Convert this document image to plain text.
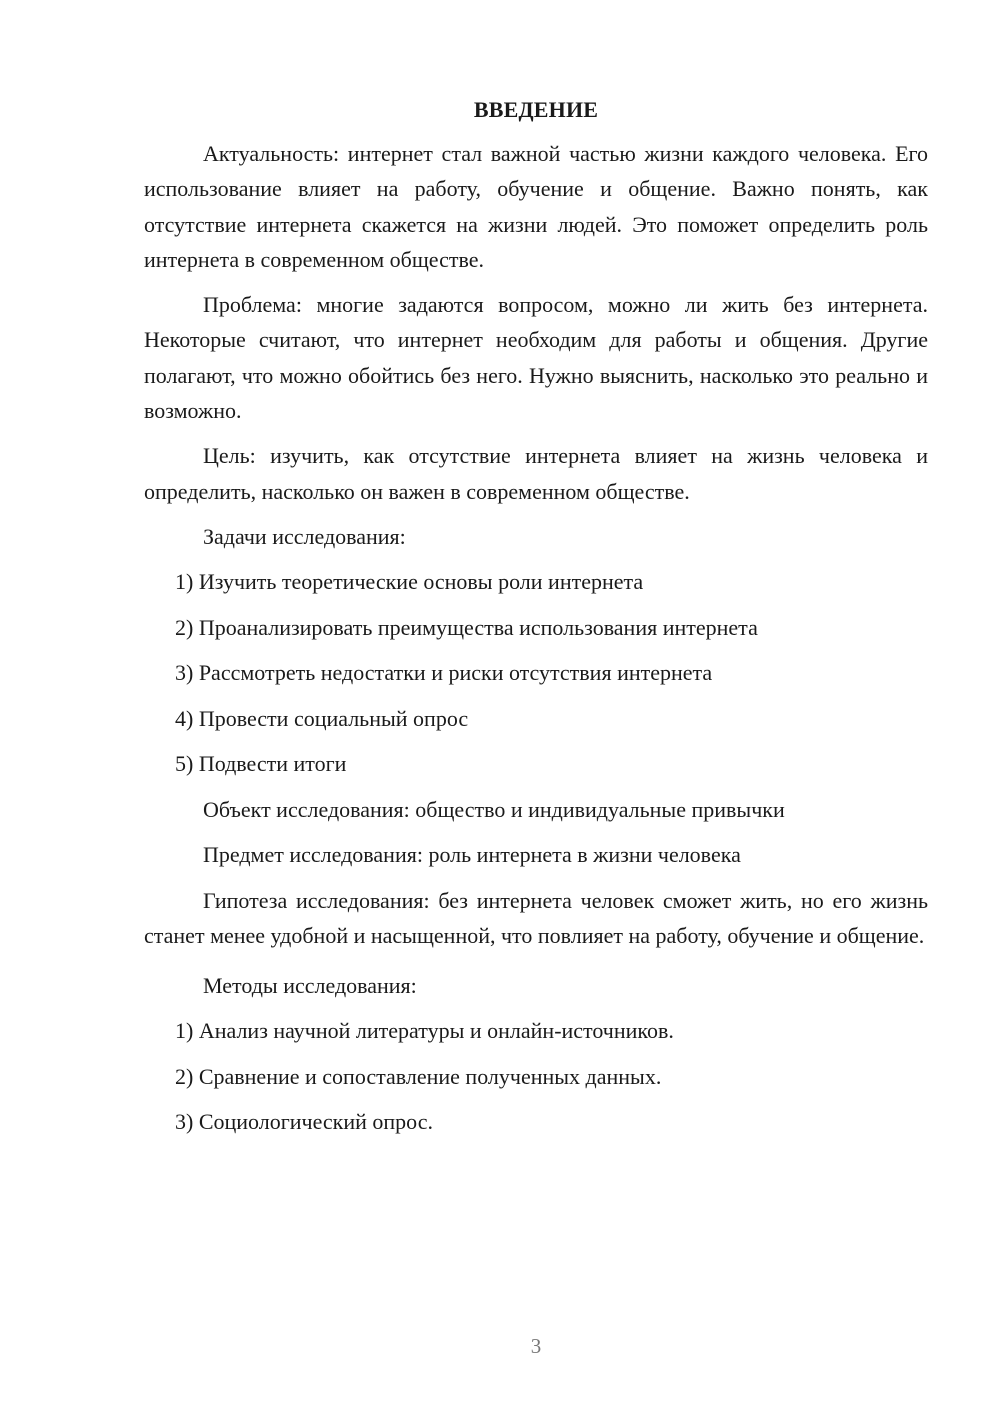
ВВЕДЕНИЕ

Актуальность: интернет стал важной частью жизни каждого человека. Его использование влияет на работу, обучение и общение. Важно понять, как отсутствие интернета скажется на жизни людей. Это поможет определить роль интернета в современном обществе.

Проблема: многие задаются вопросом, можно ли жить без интернета. Некоторые считают, что интернет необходим для работы и общения. Другие полагают, что можно обойтись без него. Нужно выяснить, насколько это реально и возможно.

Цель: изучить, как отсутствие интернета влияет на жизнь человека и определить, насколько он важен в современном обществе.

Задачи исследования:
1) Изучить теоретические основы роли интернета
2) Проанализировать преимущества использования интернета
3) Рассмотреть недостатки и риски отсутствия интернета
4) Провести социальный опрос
5) Подвести итоги
Объект исследования: общество и индивидуальные привычки
Предмет исследования: роль интернета в жизни человека

Гипотеза исследования: без интернета человек сможет жить, но его жизнь станет менее удобной и насыщенной, что повлияет на работу, обучение и общение.

Методы исследования:
1) Анализ научной литературы и онлайн-источников.
2) Сравнение и сопоставление полученных данных.
3) Социологический опрос.
3
